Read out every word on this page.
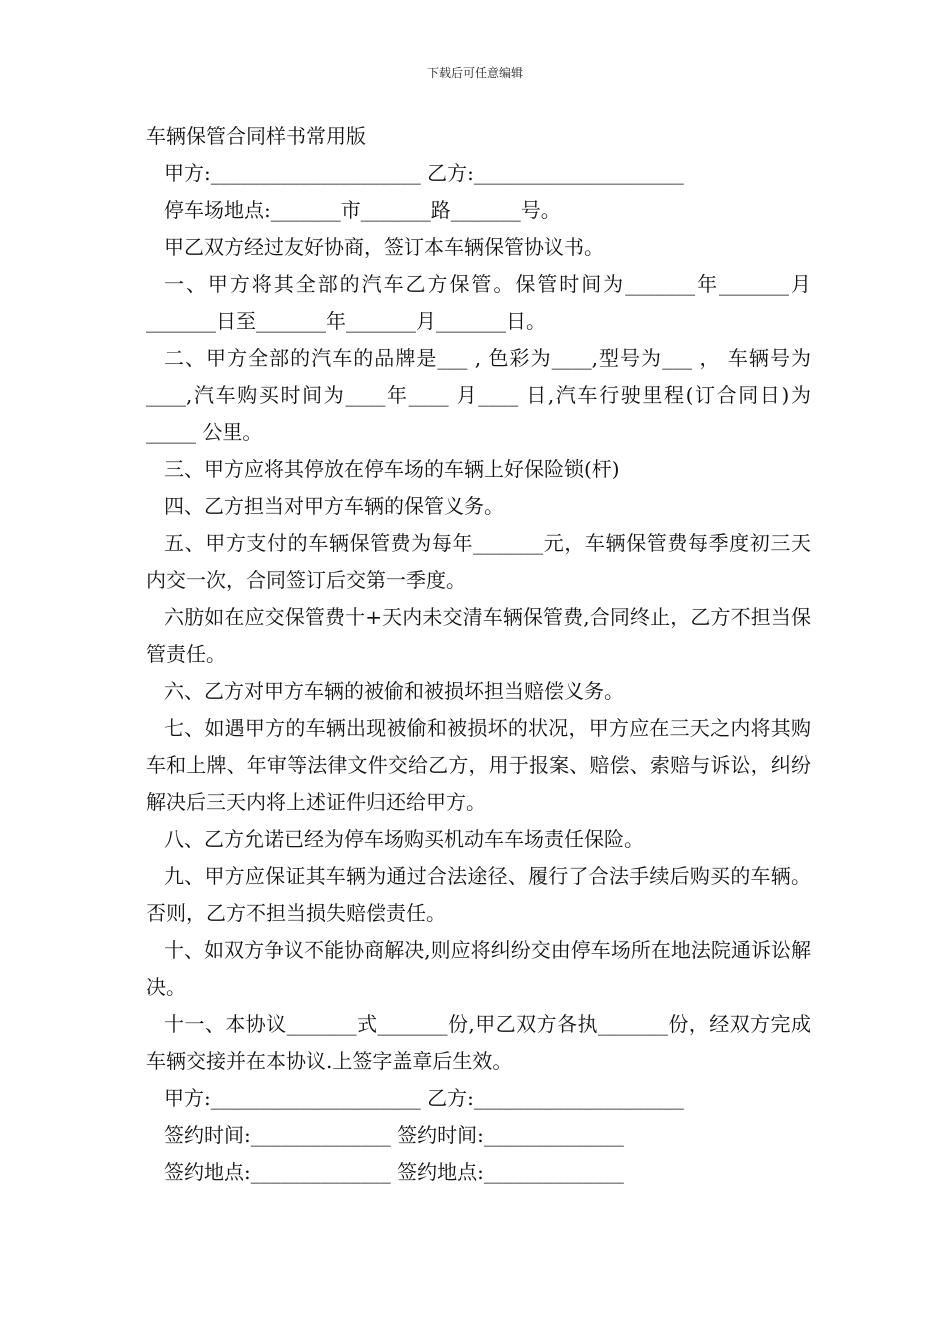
下载后可任意编辑
车辆保管合同样书常用版
甲方:_____________________ 乙方:_____________________
停车场地点:_______市_______路_______号。
甲乙双方经过友好协商，签订本车辆保管协议书。
一、甲方将其全部的汽车乙方保管。保管时间为_______年_______月_______日至_______年_______月_______日。
二、甲方全部的汽车的品牌是___ , 色彩为____,型号为___ ， 车辆号为____,汽车购买时间为____年____ 月____ 日,汽车行驶里程(订合同日)为_____ 公里。
三、甲方应将其停放在停车场的车辆上好保险锁(杆)
四、乙方担当对甲方车辆的保管义务。
五、甲方支付的车辆保管费为每年_______元，车辆保管费每季度初三天内交一次，合同签订后交第一季度。
六肪如在应交保管费十+天内未交清车辆保管费,合同终止，乙方不担当保管责任。
六、乙方对甲方车辆的被偷和被损坏担当赔偿义务。
七、如遇甲方的车辆出现被偷和被损坏的状况，甲方应在三天之内将其购车和上牌、年审等法律文件交给乙方，用于报案、赔偿、索赔与诉讼，纠纷解决后三天内将上述证件归还给甲方。
八、乙方允诺已经为停车场购买机动车车场责任保险。
九、甲方应保证其车辆为通过合法途径、履行了合法手续后购买的车辆。否则，乙方不担当损失赔偿责任。
十、如双方争议不能协商解决,则应将纠纷交由停车场所在地法院通诉讼解决。
十一、本协议_______式_______份,甲乙双方各执_______份，经双方完成车辆交接并在本协议.上签字盖章后生效。
甲方:_____________________ 乙方:_____________________
签约时间:______________ 签约时间:______________
签约地点:______________ 签约地点:______________
